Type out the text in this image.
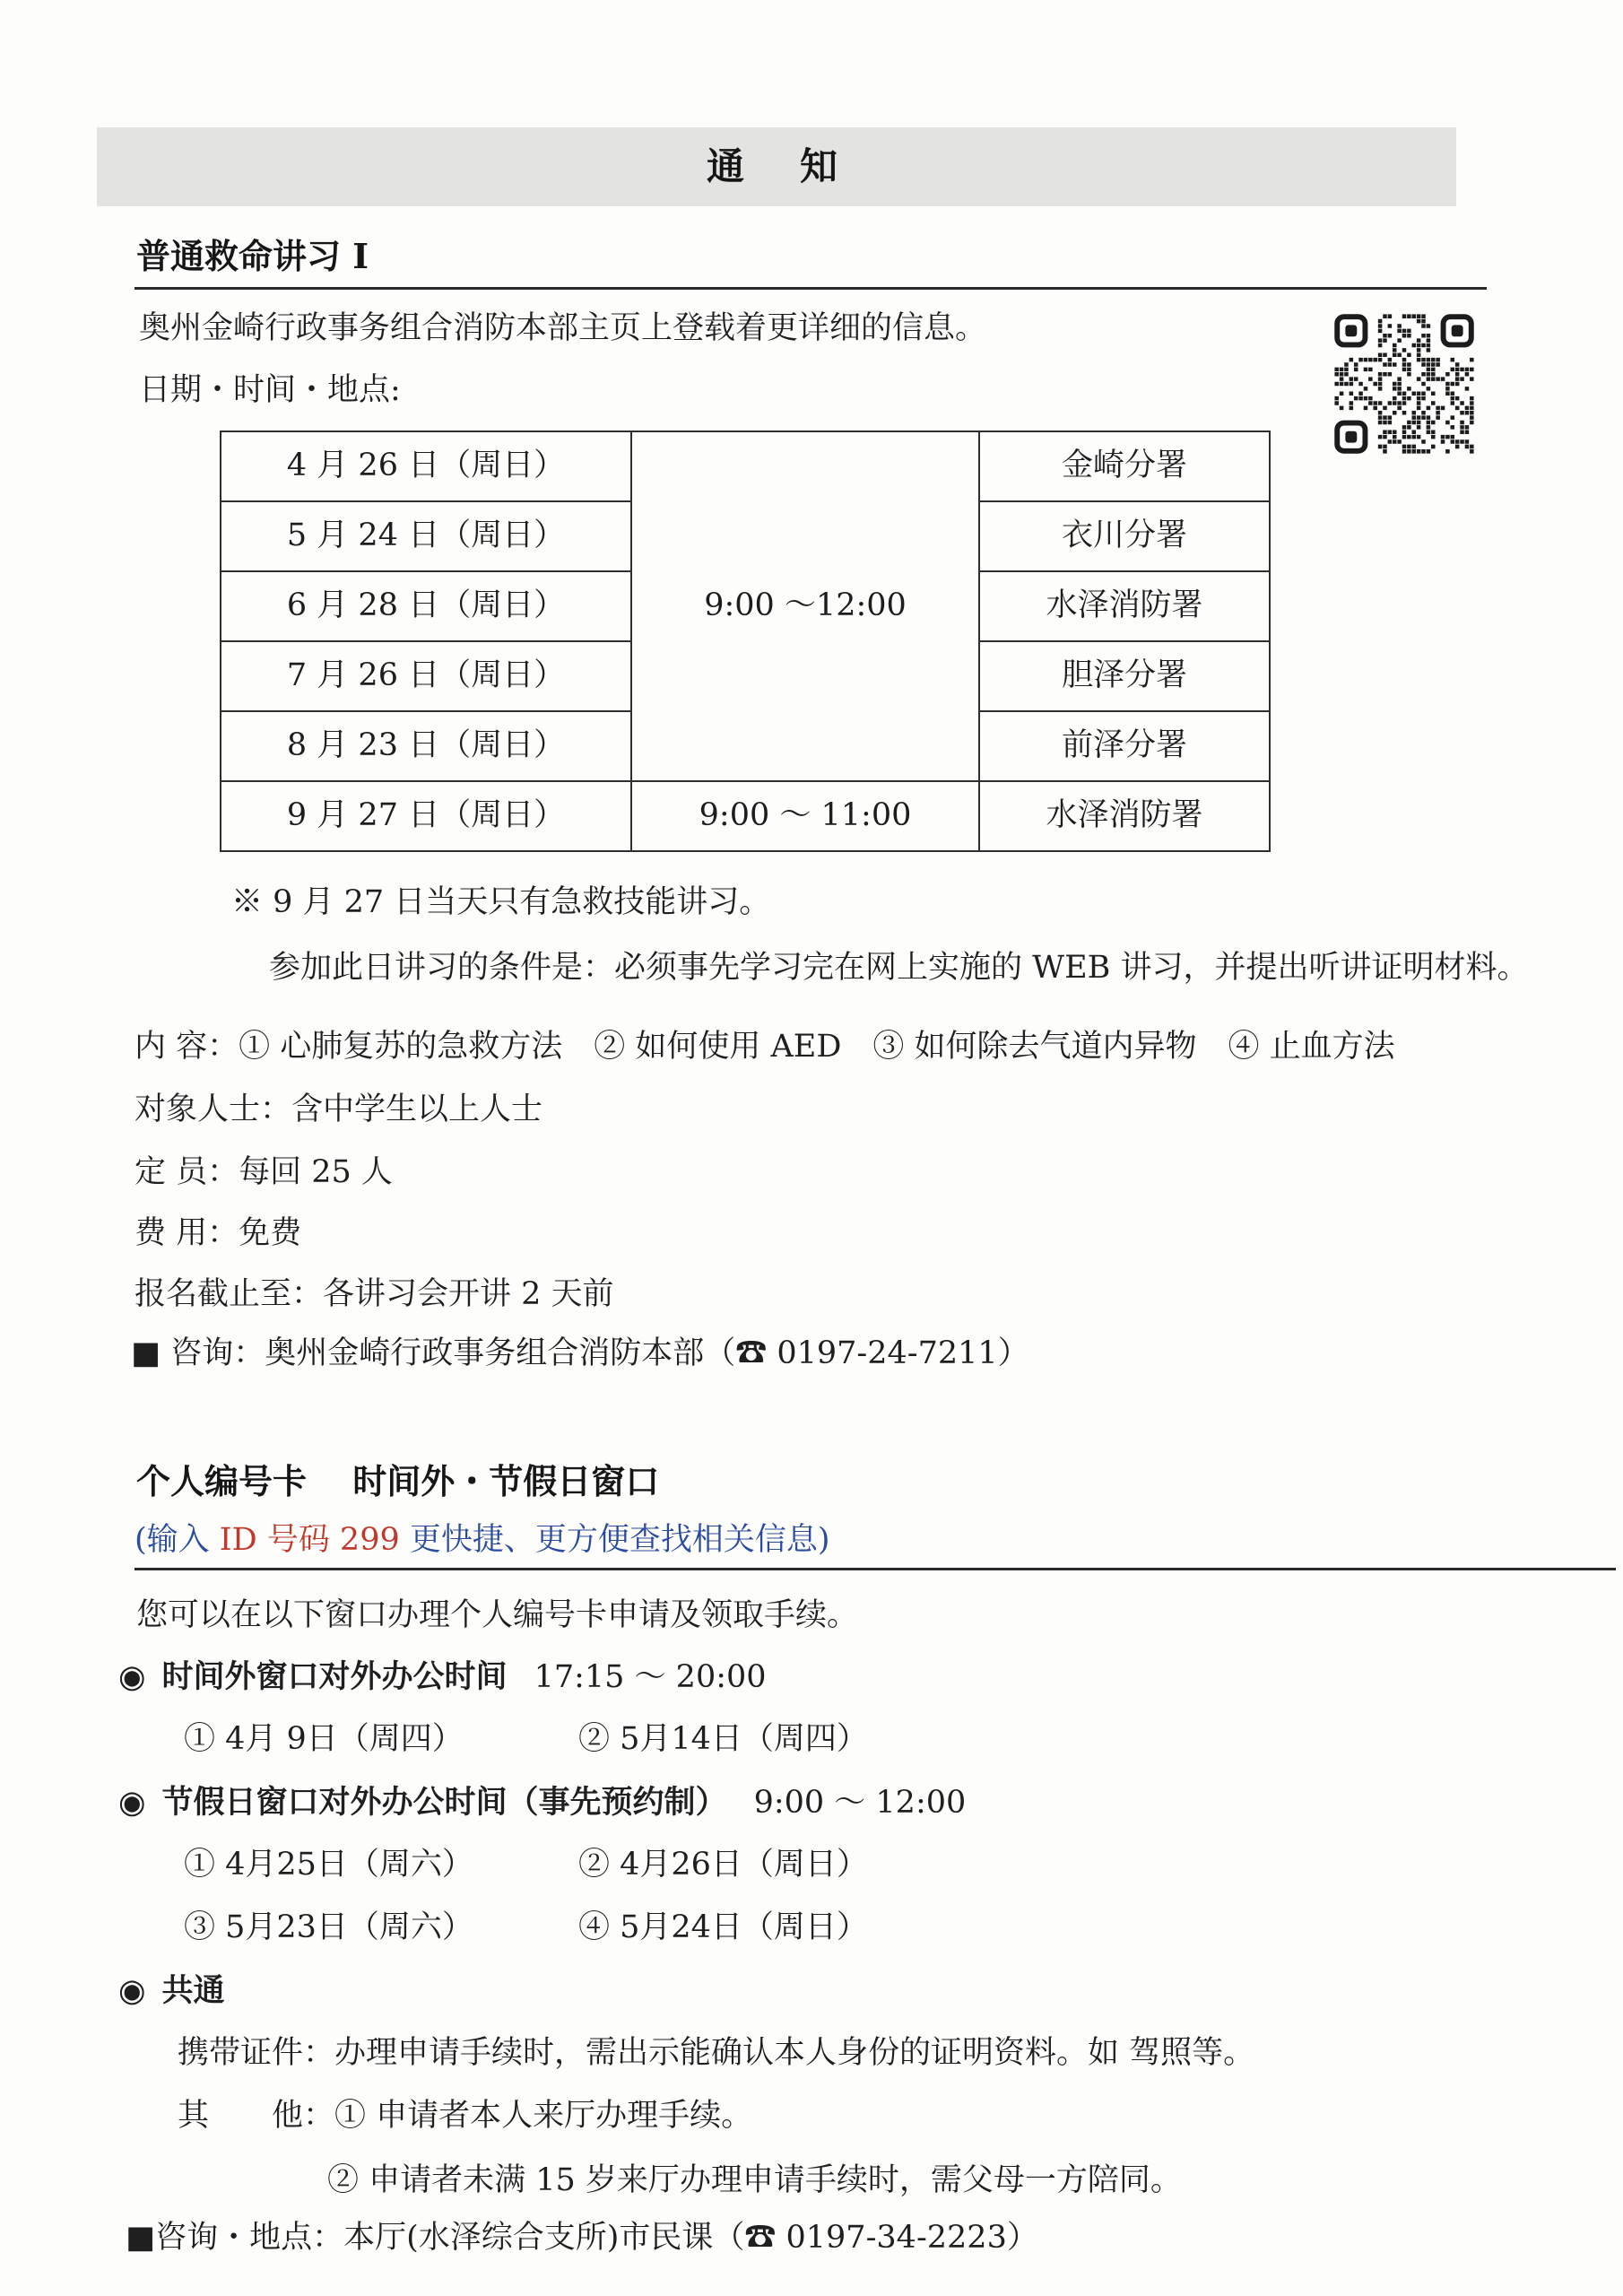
通　知
普通救命讲习 I
奥州金崎行政事务组合消防本部主页上登载着更详细的信息。
日期・时间・地点:
4 月 26 日（周日）	9:00 ～12:00	金崎分署
5 月 24 日（周日）		衣川分署
6 月 28 日（周日）		水泽消防署
7 月 26 日（周日）		胆泽分署
8 月 23 日（周日）		前泽分署
9 月 27 日（周日）	9:00 ～ 11:00	水泽消防署
※ 9 月 27 日当天只有急救技能讲习。
参加此日讲习的条件是：必须事先学习完在网上实施的 WEB 讲习，并提出听讲证明材料。
内 容：① 心肺复苏的急救方法　② 如何使用 AED　③ 如何除去气道内异物　④ 止血方法
对象人士：含中学生以上人士
定 员：每回 25 人
费 用：免费
报名截止至：各讲习会开讲 2 天前
■ 咨询：奥州金崎行政事务组合消防本部（☎ 0197-24-7211）
个人编号卡　 时间外・节假日窗口
(输入 ID 号码 299 更快捷、更方便查找相关信息)
您可以在以下窗口办理个人编号卡申请及领取手续。
◉ 时间外窗口对外办公时间 17:15 ～ 20:00
① 4月 9日（周四）	② 5月14日（周四）
◉ 节假日窗口对外办公时间（事先预约制） 9:00 ～ 12:00
① 4月25日（周六）	② 4月26日（周日）
③ 5月23日（周六）	④ 5月24日（周日）
◉ 共通
携带证件：办理申请手续时，需出示能确认本人身份的证明资料。如 驾照等。
其　　他：① 申请者本人来厅办理手续。
② 申请者未满 15 岁来厅办理申请手续时，需父母一方陪同。
■咨询・地点：本厅(水泽综合支所)市民课（☎ 0197-34-2223）
